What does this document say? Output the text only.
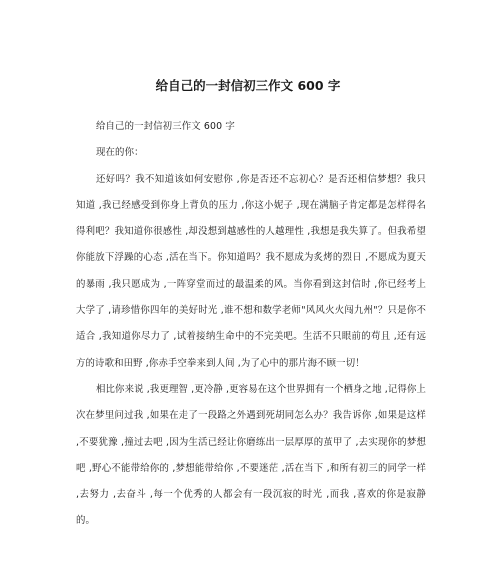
给自己的一封信初三作文 600 字

给自己的一封信初三作文 600 字

现在的你：

还好吗？我不知道该如何安慰你 ,你是否还不忘初心？是否还相信梦想？我只知道 ,我已经感受到你身上背负的压力 ,你这小妮子 ,现在满脑子肯定都是怎样得名得利吧？我知道你很感性 ,却没想到越感性的人越理性 ,我想是我失算了。但我希望你能放下浮躁的心态 ,活在当下。你知道吗？我不愿成为炙烤的烈日 ,不愿成为夏天的暴雨 ,我只愿成为 ,一阵穿堂而过的最温柔的风。当你看到这封信时 ,你已经考上大学了 ,请珍惜你四年的美好时光 ,谁不想和数学老师"风风火火闯九州"？只是你不适合 ,我知道你尽力了 ,试着接纳生命中的不完美吧。生活不只眼前的苟且 ,还有远方的诗歌和田野 ,你赤手空拳来到人间 ,为了心中的那片海不顾一切！

相比你来说 ,我更理智 ,更冷静 ,更容易在这个世界拥有一个栖身之地 ,记得你上次在梦里问过我 ,如果在走了一段路之外遇到死胡同怎么办？我告诉你 ,如果是这样 ,不要犹豫 ,撞过去吧 ,因为生活已经让你磨练出一层厚厚的茧甲了 ,去实现你的梦想吧 ,野心不能带给你的 ,梦想能带给你 ,不要迷茫 ,活在当下 ,和所有初三的同学一样 ,去努力 ,去奋斗 ,每一个优秀的人都会有一段沉寂的时光 ,而我 ,喜欢的你是寂静的。
